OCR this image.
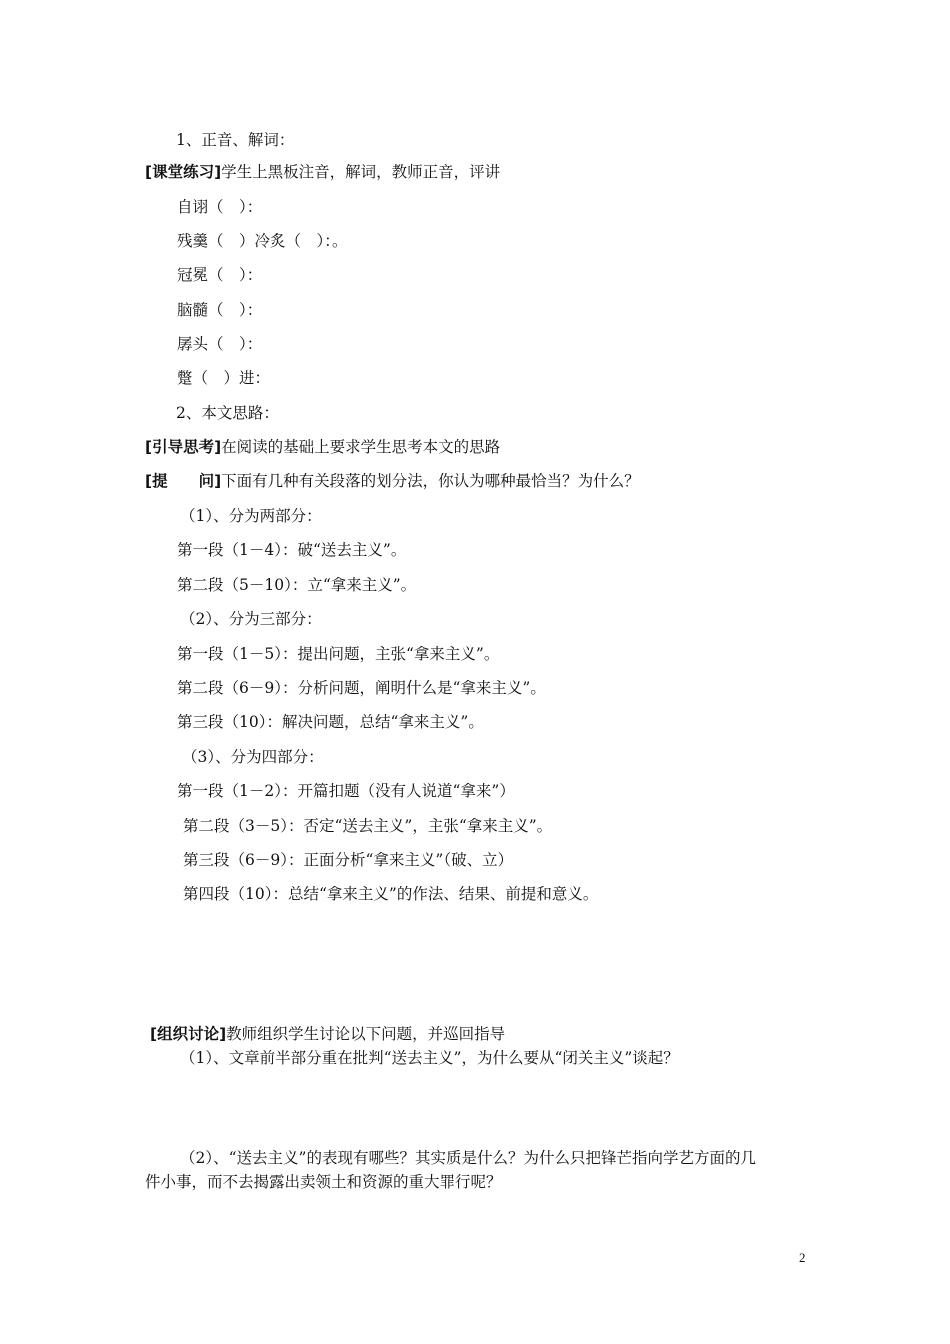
1、正音、解词：
[课堂练习]学生上黑板注音，解词，教师正音，评讲
自诩（　）：
残羹（　）冷炙（　）：。
冠冕（　）：
脑髓（　）：
孱头（　）：
蹩（　）进：
2、本文思路：
[引导思考]在阅读的基础上要求学生思考本文的思路
[提　　问]下面有几种有关段落的划分法，你认为哪种最恰当？为什么？
（1）、分为两部分：
第一段（1－4）：破“送去主义”。
第二段（5－10）：立“拿来主义”。
（2）、分为三部分：
第一段（1－5）：提出问题，主张“拿来主义”。
第二段（6－9）：分析问题，阐明什么是“拿来主义”。
第三段（10）：解决问题，总结“拿来主义”。
（3）、分为四部分：
第一段（1－2）：开篇扣题（没有人说道“拿来”）
第二段（3－5）：否定“送去主义”，主张“拿来主义”。
第三段（6－9）：正面分析“拿来主义”（破、立）
第四段（10）：总结“拿来主义”的作法、结果、前提和意义。
[组织讨论]教师组织学生讨论以下问题，并巡回指导
（1）、文章前半部分重在批判“送去主义”，为什么要从“闭关主义”谈起？
（2）、“送去主义”的表现有哪些？其实质是什么？为什么只把锋芒指向学艺方面的几
件小事，而不去揭露出卖领土和资源的重大罪行呢？
2
